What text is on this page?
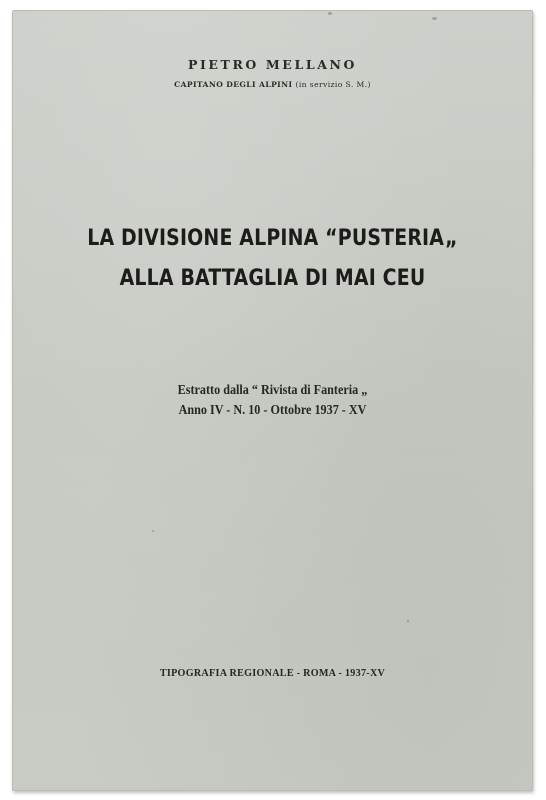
PIETRO MELLANO
CAPITANO DEGLI ALPINI (in servizio S. M.)
LA DIVISIONE ALPINA “PUSTERIA„
ALLA BATTAGLIA DI MAI CEU
Estratto dalla “ Rivista di Fanteria „
Anno IV - N. 10 - Ottobre 1937 - XV
TIPOGRAFIA REGIONALE - ROMA - 1937-XV
